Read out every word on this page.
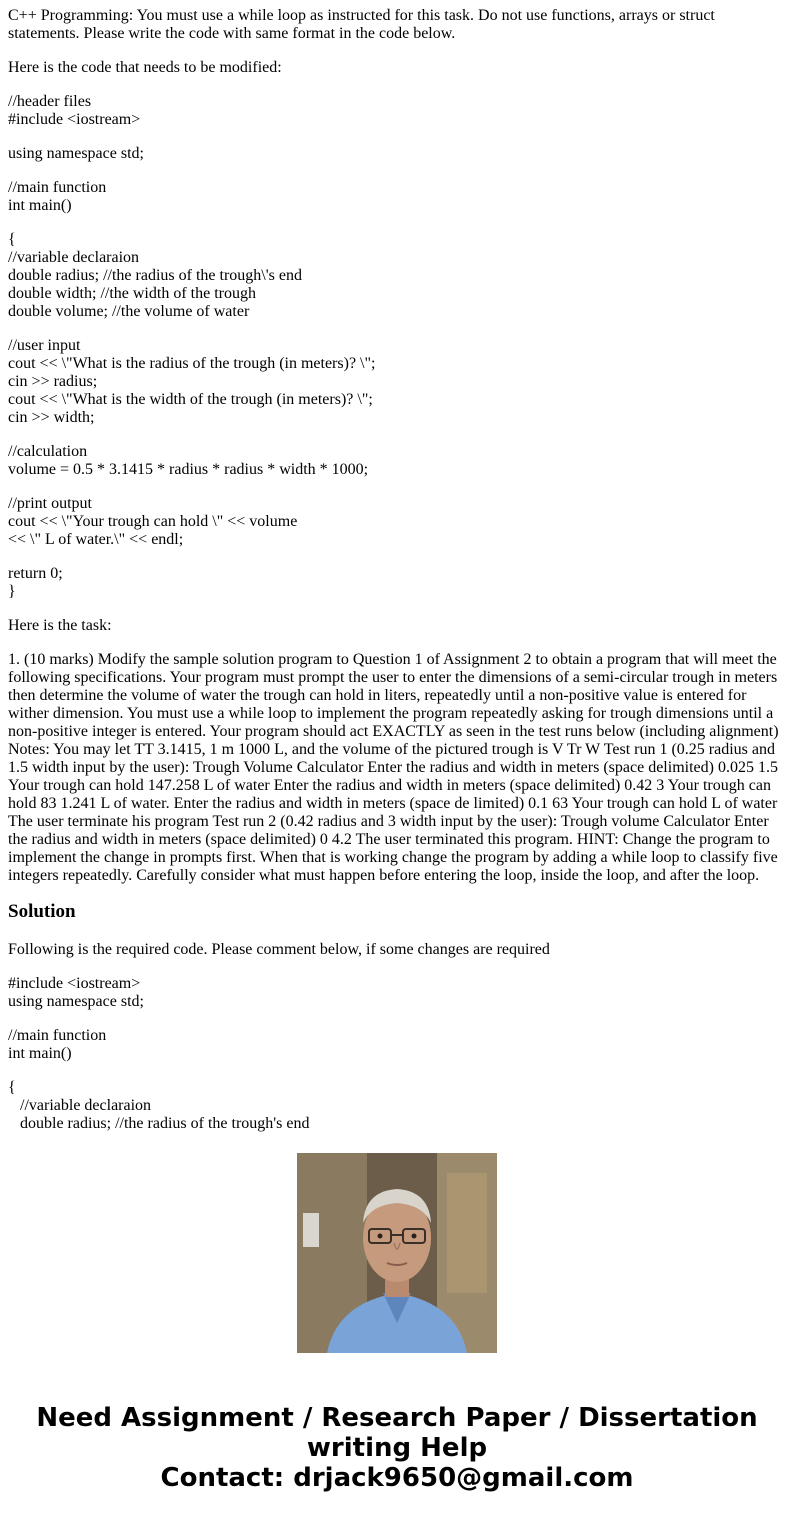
C++ Programming: You must use a while loop as instructed for this task. Do not use functions, arrays or struct statements. Please write the code with same format in the code below.

Here is the code that needs to be modified:

//header files
#include <iostream>
using namespace std;
//main function
int main()
{
//variable declaraion
double radius; //the radius of the trough\'s end
double width; //the width of the trough
double volume; //the volume of water
//user input
cout << \"What is the radius of the trough (in meters)? \";
cin >> radius;
cout << \"What is the width of the trough (in meters)? \";
cin >> width;
//calculation
volume = 0.5 * 3.1415 * radius * radius * width * 1000;
//print output
cout << \"Your trough can hold \" << volume
<< \" L of water.\" << endl;
return 0;
}

Here is the task:

1. (10 marks) Modify the sample solution program to Question 1 of Assignment 2 to obtain a program that will meet the following specifications. Your program must prompt the user to enter the dimensions of a semi-circular trough in meters then determine the volume of water the trough can hold in liters, repeatedly until a non-positive value is entered for wither dimension. You must use a while loop to implement the program repeatedly asking for trough dimensions until a non-positive integer is entered. Your program should act EXACTLY as seen in the test runs below (including alignment) Notes: You may let TT 3.1415, 1 m 1000 L, and the volume of the pictured trough is V Tr W Test run 1 (0.25 radius and 1.5 width input by the user): Trough Volume Calculator Enter the radius and width in meters (space delimited) 0.025 1.5 Your trough can hold 147.258 L of water Enter the radius and width in meters (space delimited) 0.42 3 Your trough can hold 83 1.241 L of water. Enter the radius and width in meters (space de limited) 0.1 63 Your trough can hold L of water The user terminate his program Test run 2 (0.42 radius and 3 width input by the user): Trough volume Calculator Enter the radius and width in meters (space delimited) 0 4.2 The user terminated this program. HINT: Change the program to implement the change in prompts first. When that is working change the program by adding a while loop to classify five integers repeatedly. Carefully consider what must happen before entering the loop, inside the loop, and after the loop.

Solution

Following is the required code. Please comment below, if some changes are required

#include <iostream>
using namespace std;
//main function
int main()
{
//variable declaraion
double radius; //the radius of the trough's end
Need Assignment / Research Paper / Dissertation
writing Help
Contact: drjack9650@gmail.com
